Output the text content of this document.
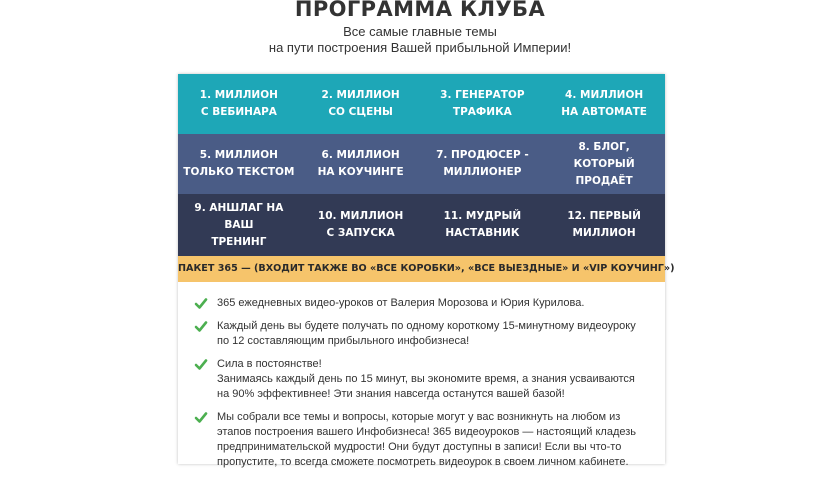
ПРОГРАММА КЛУБА
Все самые главные темы
на пути построения Вашей прибыльной Империи!
1. МИЛЛИОН
С ВЕБИНАРА
2. МИЛЛИОН
СО СЦЕНЫ
3. ГЕНЕРАТОР
ТРАФИКА
4. МИЛЛИОН
НА АВТОМАТЕ
5. МИЛЛИОН
ТОЛЬКО ТЕКСТОМ
6. МИЛЛИОН
НА КОУЧИНГЕ
7. ПРОДЮСЕР -
МИЛЛИОНЕР
8. БЛОГ, КОТОРЫЙ
ПРОДАЁТ
9. АНШЛАГ НА ВАШ
ТРЕНИНГ
10. МИЛЛИОН
С ЗАПУСКА
11. МУДРЫЙ
НАСТАВНИК
12. ПЕРВЫЙ
МИЛЛИОН
ПАКЕТ 365 — (ВХОДИТ ТАКЖЕ ВО «ВСЕ КОРОБКИ», «ВСЕ ВЫЕЗДНЫЕ» И «VIP КОУЧИНГ»)
365 ежедневных видео-уроков от Валерия Морозова и Юрия Курилова.
Каждый день вы будете получать по одному короткому 15-минутному видеоуроку по 12 составляющим прибыльного инфобизнеса!
Сила в постоянстве!
Занимаясь каждый день по 15 минут, вы экономите время, а знания усваиваются на 90% эффективнее! Эти знания навсегда останутся вашей базой!
Мы собрали все темы и вопросы, которые могут у вас возникнуть на любом из этапов построения вашего Инфобизнеса! 365 видеоуроков — настоящий кладезь предпринимательской мудрости! Они будут доступны в записи! Если вы что-то пропустите, то всегда сможете посмотреть видеоурок в своем личном кабинете.
